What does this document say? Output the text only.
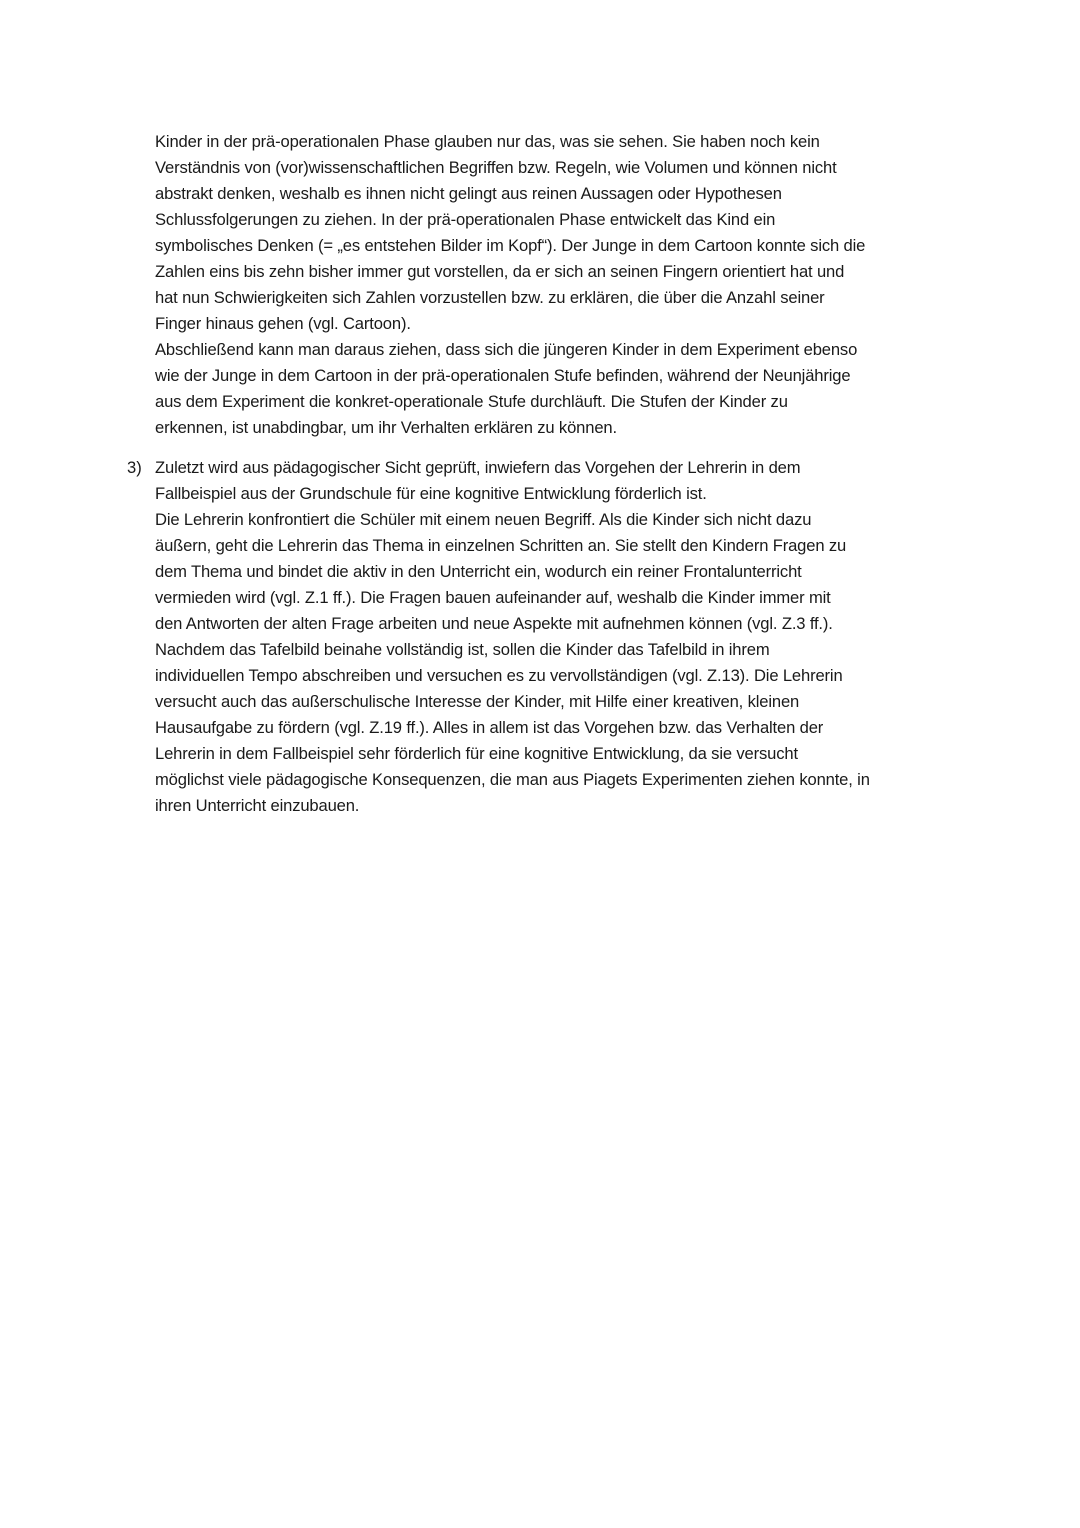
Kinder in der prä-operationalen Phase glauben nur das, was sie sehen. Sie haben noch kein
Verständnis von (vor)wissenschaftlichen Begriffen bzw. Regeln, wie Volumen und können nicht
abstrakt denken, weshalb es ihnen nicht gelingt aus reinen Aussagen oder Hypothesen
Schlussfolgerungen zu ziehen. In der prä-operationalen Phase entwickelt das Kind ein
symbolisches Denken (= „es entstehen Bilder im Kopf“). Der Junge in dem Cartoon konnte sich die
Zahlen eins bis zehn bisher immer gut vorstellen, da er sich an seinen Fingern orientiert hat und
hat nun Schwierigkeiten sich Zahlen vorzustellen bzw. zu erklären, die über die Anzahl seiner
Finger hinaus gehen (vgl. Cartoon).
Abschließend kann man daraus ziehen, dass sich die jüngeren Kinder in dem Experiment ebenso
wie der Junge in dem Cartoon in der prä-operationalen Stufe befinden, während der Neunjährige
aus dem Experiment die konkret-operationale Stufe durchläuft. Die Stufen der Kinder zu
erkennen, ist unabdingbar, um ihr Verhalten erklären zu können.
3) Zuletzt wird aus pädagogischer Sicht geprüft, inwiefern das Vorgehen der Lehrerin in dem
Fallbeispiel aus der Grundschule für eine kognitive Entwicklung förderlich ist.
Die Lehrerin konfrontiert die Schüler mit einem neuen Begriff. Als die Kinder sich nicht dazu
äußern, geht die Lehrerin das Thema in einzelnen Schritten an. Sie stellt den Kindern Fragen zu
dem Thema und bindet die aktiv in den Unterricht ein, wodurch ein reiner Frontalunterricht
vermieden wird (vgl. Z.1 ff.). Die Fragen bauen aufeinander auf, weshalb die Kinder immer mit
den Antworten der alten Frage arbeiten und neue Aspekte mit aufnehmen können (vgl. Z.3 ff.).
Nachdem das Tafelbild beinahe vollständig ist, sollen die Kinder das Tafelbild in ihrem
individuellen Tempo abschreiben und versuchen es zu vervollständigen (vgl. Z.13). Die Lehrerin
versucht auch das außerschulische Interesse der Kinder, mit Hilfe einer kreativen, kleinen
Hausaufgabe zu fördern (vgl. Z.19 ff.). Alles in allem ist das Vorgehen bzw. das Verhalten der
Lehrerin in dem Fallbeispiel sehr förderlich für eine kognitive Entwicklung, da sie versucht
möglichst viele pädagogische Konsequenzen, die man aus Piagets Experimenten ziehen konnte, in
ihren Unterricht einzubauen.
